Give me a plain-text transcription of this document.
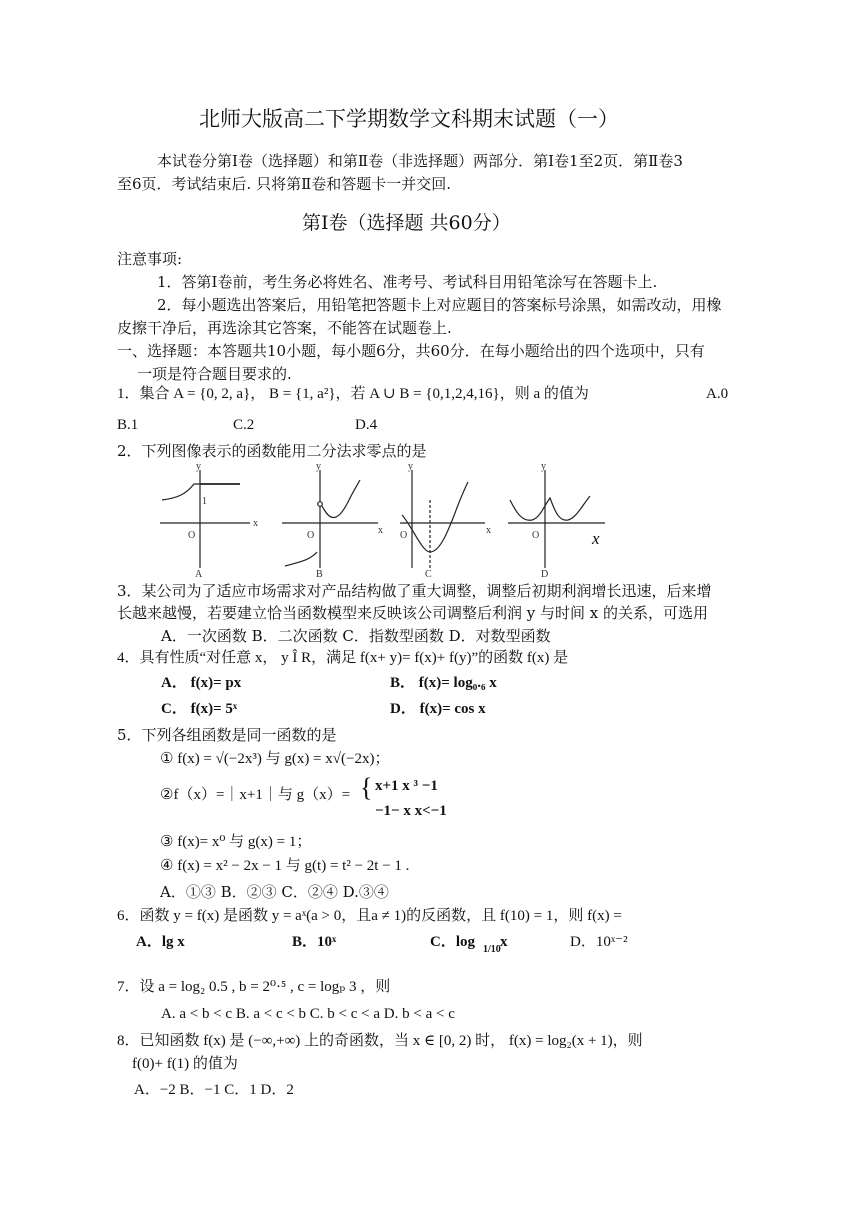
北师大版高二下学期数学文科期末试题（一）
本试卷分第Ⅰ卷（选择题）和第Ⅱ卷（非选择题）两部分．第Ⅰ卷1至2页．第Ⅱ卷3
至6页．考试结束后. 只将第Ⅱ卷和答题卡一并交回.
第Ⅰ卷（选择题 共60分）
注意事项:
1．答第Ⅰ卷前，考生务必将姓名、准考号、考试科目用铅笔涂写在答题卡上.
2．每小题选出答案后，用铅笔把答题卡上对应题目的答案标号涂黑，如需改动，用橡
皮擦干净后，再选涂其它答案，不能答在试题卷上.
一、选择题：本答题共10小题，每小题6分，共60分．在每小题给出的四个选项中，只有
一项是符合题目要求的.
1．集合 A = {0, 2, a}， B = {1, a²}，若 A ∪ B = {0,1,2,4,16}，则 a 的值为	A.0
B.1	C.2	D.4
2．下列图像表示的函数能用二分法求零点的是
y
x
1
O
A
y
x
O
B
y
x
O
C
y
O
D
x
3．某公司为了适应市场需求对产品结构做了重大调整，调整后初期利润增长迅速，后来增
长越来越慢，若要建立恰当函数模型来反映该公司调整后利润 y 与时间 x 的关系，可选用
A．一次函数 B．二次函数 C．指数型函数 D．对数型函数
4．具有性质“对任意 x， y Î R，满足 f(x+ y)= f(x)+ f(y)”的函数 f(x) 是
A． f(x)= px	B． f(x)= log₀.₆ x
C． f(x)= 5ˣ	D． f(x)= cos x
5．下列各组函数是同一函数的是
① f(x) = √(−2x³) 与 g(x) = x√(−2x)；
②f（x）=｜x+1｜与 g（x）= { x+1 x ³ −1
−1− x x<−1
③ f(x)= x⁰ 与 g(x) = 1；
④ f(x) = x² − 2x − 1 与 g(t) = t² − 2t − 1 .
A．①③ B．②③ C．②④ D.③④
6．函数 y = f(x) 是函数 y = aˣ(a > 0，且a ≠ 1)的反函数，且 f(10) = 1，则 f(x) =
A．lg x	B．10ˣ	C．log 1/10 x	D．10ˣ⁻²
7．设 a = log₂ 0.5 , b = 2⁰·⁵ , c = logₚ 3 ，则
A. a < b < c B. a < c < b C. b < c < a D. b < a < c
8．已知函数 f(x) 是 (−∞,+∞) 上的奇函数，当 x ∈ [0, 2) 时， f(x) = log₂(x + 1)，则
f(0)+ f(1) 的值为
A．−2 B．−1 C．1 D．2
